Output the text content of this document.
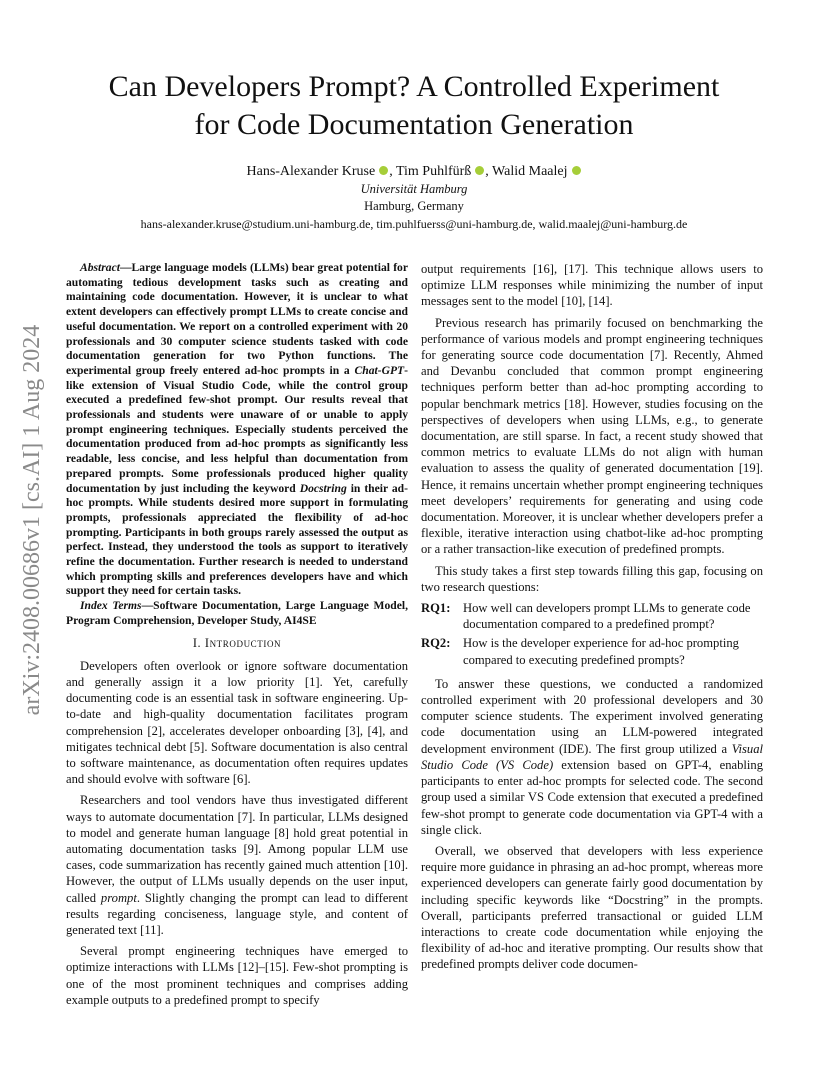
Can Developers Prompt? A Controlled Experiment
for Code Documentation Generation
Hans-Alexander Kruse , Tim Puhlfürß , Walid Maalej
Universität Hamburg
Hamburg, Germany
hans-alexander.kruse@studium.uni-hamburg.de, tim.puhlfuerss@uni-hamburg.de, walid.maalej@uni-hamburg.de
arXiv:2408.00686v1 [cs.AI] 1 Aug 2024

Abstract—Large language models (LLMs) bear great potential for automating tedious development tasks such as creating and maintaining code documentation. However, it is unclear to what extent developers can effectively prompt LLMs to create concise and useful documentation. We report on a controlled experiment with 20 professionals and 30 computer science students tasked with code documentation generation for two Python functions. The experimental group freely entered ad-hoc prompts in a Chat-GPT-like extension of Visual Studio Code, while the control group executed a predefined few-shot prompt. Our results reveal that professionals and students were unaware of or unable to apply prompt engineering techniques. Especially students perceived the documentation produced from ad-hoc prompts as significantly less readable, less concise, and less helpful than documentation from prepared prompts. Some professionals produced higher quality documentation by just including the keyword Docstring in their ad-hoc prompts. While students desired more support in formulating prompts, professionals appreciated the flexibility of ad-hoc prompting. Participants in both groups rarely assessed the output as perfect. Instead, they understood the tools as support to iteratively refine the documentation. Further research is needed to understand which prompting skills and preferences developers have and which support they need for certain tasks.

Index Terms—Software Documentation, Large Language Model, Program Comprehension, Developer Study, AI4SE

I. Introduction

Developers often overlook or ignore software documentation and generally assign it a low priority [1]. Yet, carefully documenting code is an essential task in software engineering. Up-to-date and high-quality documentation facilitates program comprehension [2], accelerates developer onboarding [3], [4], and mitigates technical debt [5]. Software documentation is also central to software maintenance, as documentation often requires updates and should evolve with software [6].

Researchers and tool vendors have thus investigated different ways to automate documentation [7]. In particular, LLMs designed to model and generate human language [8] hold great potential in automating documentation tasks [9]. Among popular LLM use cases, code summarization has recently gained much attention [10]. However, the output of LLMs usually depends on the user input, called prompt. Slightly changing the prompt can lead to different results regarding conciseness, language style, and content of generated text [11].

Several prompt engineering techniques have emerged to optimize interactions with LLMs [12]–[15]. Few-shot prompting is one of the most prominent techniques and comprises adding example outputs to a predefined prompt to specify

output requirements [16], [17]. This technique allows users to optimize LLM responses while minimizing the number of input messages sent to the model [10], [14].

Previous research has primarily focused on benchmarking the performance of various models and prompt engineering techniques for generating source code documentation [7]. Recently, Ahmed and Devanbu concluded that common prompt engineering techniques perform better than ad-hoc prompting according to popular benchmark metrics [18]. However, studies focusing on the perspectives of developers when using LLMs, e.g., to generate documentation, are still sparse. In fact, a recent study showed that common metrics to evaluate LLMs do not align with human evaluation to assess the quality of generated documentation [19]. Hence, it remains uncertain whether prompt engineering techniques meet developers’ requirements for generating and using code documentation. Moreover, it is unclear whether developers prefer a flexible, iterative interaction using chatbot-like ad-hoc prompting or a rather transaction-like execution of predefined prompts.

This study takes a first step towards filling this gap, focusing on two research questions:

RQ1:	How well can developers prompt LLMs to generate code documentation compared to a predefined prompt?
RQ2:	How is the developer experience for ad-hoc prompting compared to executing predefined prompts?

To answer these questions, we conducted a randomized controlled experiment with 20 professional developers and 30 computer science students. The experiment involved generating code documentation using an LLM-powered integrated development environment (IDE). The first group utilized a Visual Studio Code (VS Code) extension based on GPT-4, enabling participants to enter ad-hoc prompts for selected code. The second group used a similar VS Code extension that executed a predefined few-shot prompt to generate code documentation via GPT-4 with a single click.

Overall, we observed that developers with less experience require more guidance in phrasing an ad-hoc prompt, whereas more experienced developers can generate fairly good documentation by including specific keywords like “Docstring” in the prompts. Overall, participants preferred transactional or guided LLM interactions to create code documentation while enjoying the flexibility of ad-hoc and iterative prompting. Our results show that predefined prompts deliver code documen-
